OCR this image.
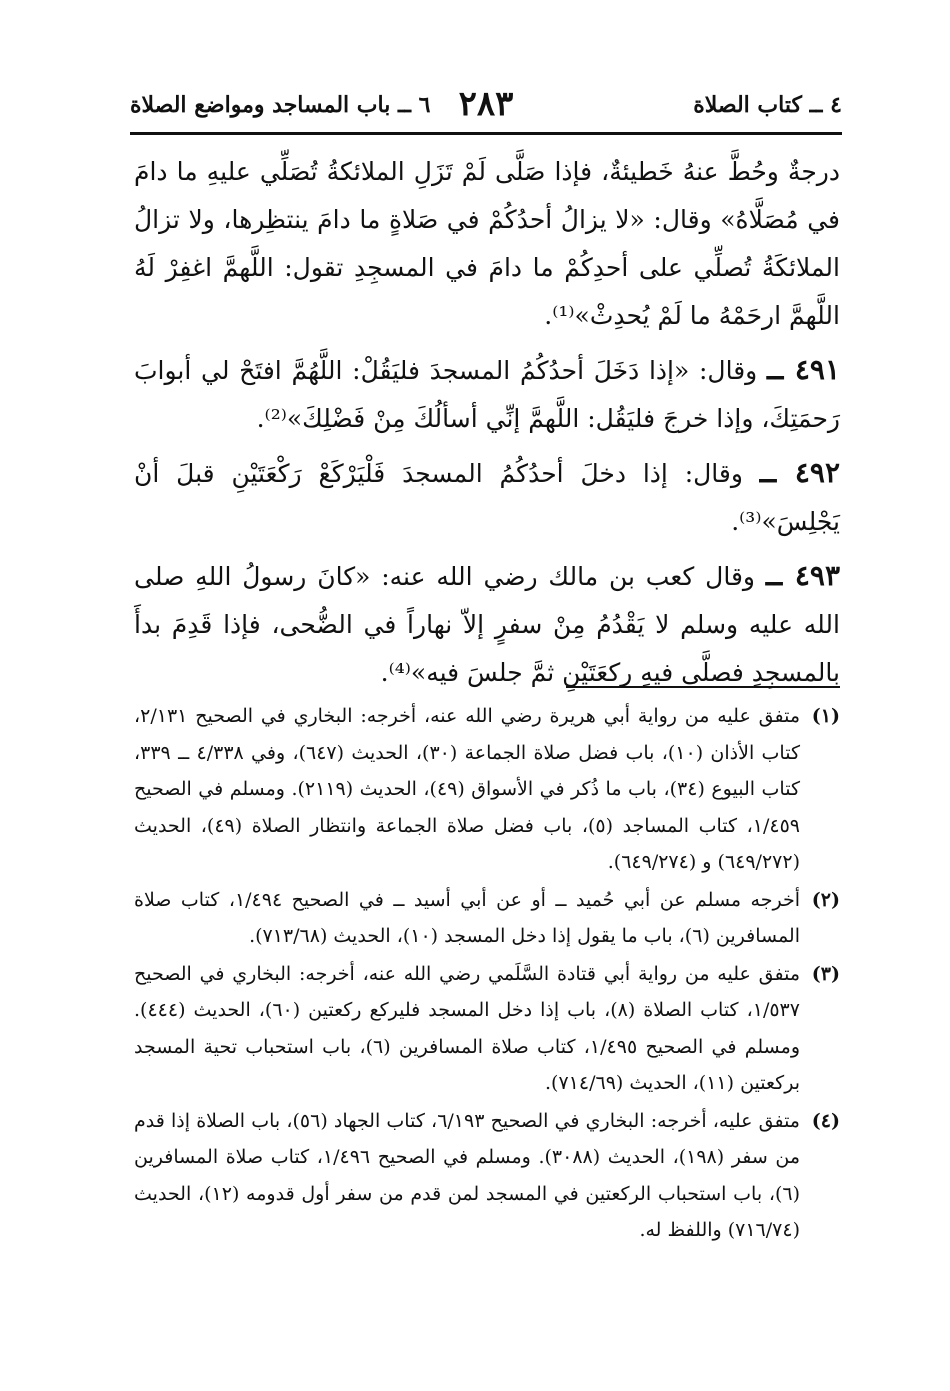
٤ ــ كتاب الصلاة
٢٨٣
٦ ــ باب المساجد ومواضع الصلاة

درجةٌ وحُطَّ عنهُ خَطيئةٌ، فإذا صَلَّى لَمْ تَزَلِ الملائكةُ تُصَلِّي عليهِ ما دامَ في مُصَلَّاهُ» وقال: «لا يزالُ أحدُكُمْ في صَلاةٍ ما دامَ ينتظِرها، ولا تزالُ الملائكَةُ تُصلِّي على أحدِكُمْ ما دامَ في المسجِدِ تقول: اللَّهمَّ اغفِرْ لَهُ اللَّهمَّ ارحَمْهُ ما لَمْ يُحدِثْ»⁽¹⁾.

٤٩١ ــ وقال: «إذا دَخَلَ أحدُكُمُ المسجدَ فليَقُلْ: اللَّهُمَّ افتَحْ لي أبوابَ رَحمَتِكَ، وإذا خرجَ فليَقُل: اللَّهمَّ إنِّي أسألُكَ مِنْ فَضْلِكَ»⁽²⁾.

٤٩٢ ــ وقال: إذا دخلَ أحدُكُمُ المسجدَ فَلْيَرْكَعْ رَكْعَتَيْنِ قبلَ أنْ يَجْلِسَ»⁽³⁾.

٤٩٣ ــ وقال كعب بن مالك رضي الله عنه: «كانَ رسولُ اللهِ صلى الله عليه وسلم لا يَقْدُمُ مِنْ سفرٍ إلاّ نهاراً في الضُّحى، فإذا قَدِمَ بدأَ بالمسجِدِ فصلَّى فيهِ ركعَتَيْنِ ثمَّ جلسَ فيه»⁽⁴⁾.

(١)
متفق عليه من رواية أبي هريرة رضي الله عنه، أخرجه: البخاري في الصحيح ٢/١٣١، كتاب الأذان (١٠)، باب فضل صلاة الجماعة (٣٠)، الحديث (٦٤٧)، وفي ٤/٣٣٨ ــ ٣٣٩، كتاب البيوع (٣٤)، باب ما ذُكر في الأسواق (٤٩)، الحديث (٢١١٩). ومسلم في الصحيح ١/٤٥٩، كتاب المساجد (٥)، باب فضل صلاة الجماعة وانتظار الصلاة (٤٩)، الحديث (٦٤٩/٢٧٢) و (٦٤٩/٢٧٤).
(٢)
أخرجه مسلم عن أبي حُميد ــ أو عن أبي أسيد ــ في الصحيح ١/٤٩٤، كتاب صلاة المسافرين (٦)، باب ما يقول إذا دخل المسجد (١٠)، الحديث (٧١٣/٦٨).
(٣)
متفق عليه من رواية أبي قتادة السَّلَمي رضي الله عنه، أخرجه: البخاري في الصحيح ١/٥٣٧، كتاب الصلاة (٨)، باب إذا دخل المسجد فليركع ركعتين (٦٠)، الحديث (٤٤٤). ومسلم في الصحيح ١/٤٩٥، كتاب صلاة المسافرين (٦)، باب استحباب تحية المسجد بركعتين (١١)، الحديث (٧١٤/٦٩).
(٤)
متفق عليه، أخرجه: البخاري في الصحيح ٦/١٩٣، كتاب الجهاد (٥٦)، باب الصلاة إذا قدم من سفر (١٩٨)، الحديث (٣٠٨٨). ومسلم في الصحيح ١/٤٩٦، كتاب صلاة المسافرين (٦)، باب استحباب الركعتين في المسجد لمن قدم من سفر أول قدومه (١٢)، الحديث (٧١٦/٧٤) واللفظ له.
